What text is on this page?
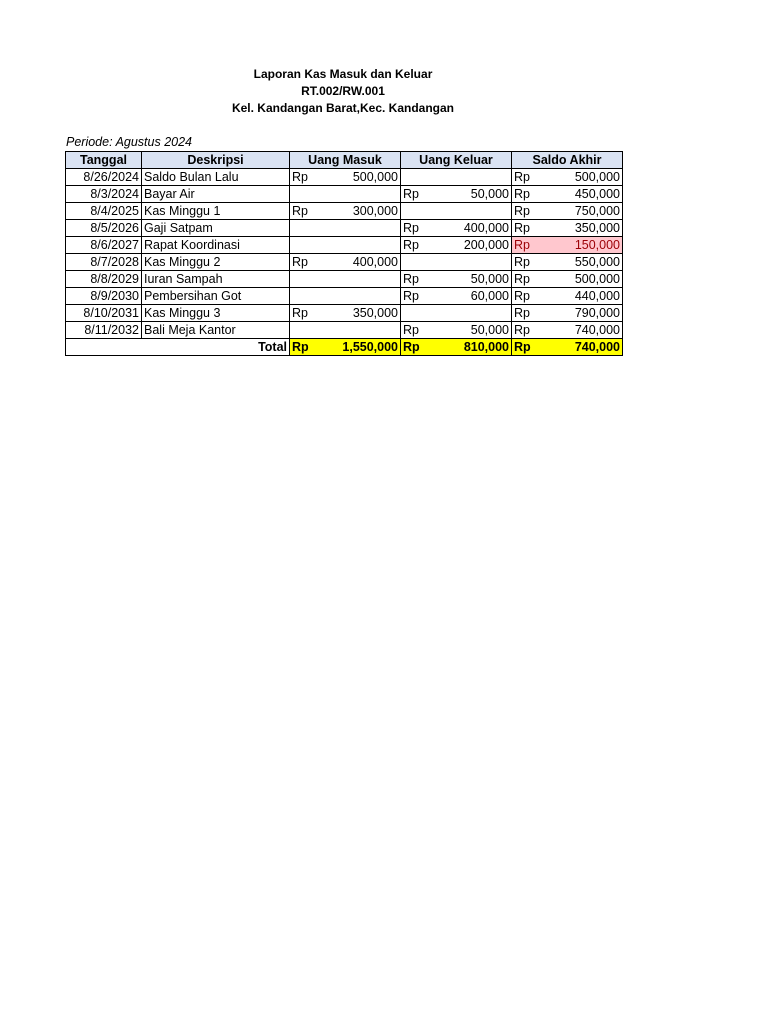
Laporan Kas Masuk dan Keluar
RT.002/RW.001
Kel. Kandangan Barat,Kec. Kandangan
Periode: Agustus 2024
Tanggal	Deskripsi	Uang Masuk	Uang Keluar	Saldo Akhir
8/26/2024	Saldo Bulan Lalu	Rp 500,000		Rp 500,000

8/3/2024	Bayar Air		Rp 50,000	Rp 450,000

8/4/2025	Kas Minggu 1	Rp 300,000		Rp 750,000

8/5/2026	Gaji Satpam		Rp 400,000	Rp 350,000

8/6/2027	Rapat Koordinasi		Rp 200,000	Rp 150,000

8/7/2028	Kas Minggu 2	Rp 400,000		Rp 550,000

8/8/2029	Iuran Sampah		Rp 50,000	Rp 500,000

8/9/2030	Pembersihan Got		Rp 60,000	Rp 440,000

8/10/2031	Kas Minggu 3	Rp 350,000		Rp 790,000

8/11/2032	Bali Meja Kantor		Rp 50,000	Rp 740,000

Total		Rp 1,550,000	Rp 810,000	Rp 740,000
